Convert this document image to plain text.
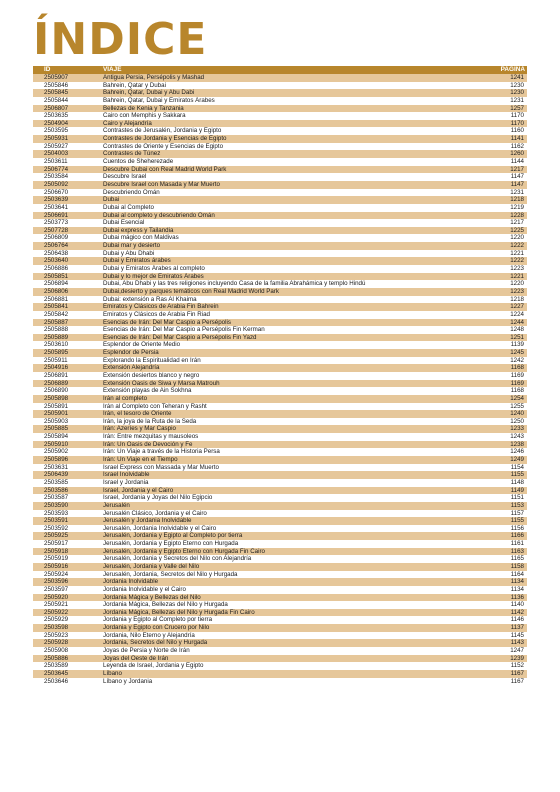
ÍNDICE
ID	VIAJE	PAGINA
2505907	Antigua Persia, Persépolis y Mashad	1241
2505846	Bahrein, Qatar y Dubai	1230
2505845	Bahrein, Qatar, Dubai y Abu Dabi	1230
2505844	Bahrein, Qatar, Dubai y Emiratos Árabes	1231
2506807	Bellezas de Kenia y Tanzania	1257
2503635	Cairo con Memphis y Sakkara	1170
2504904	Cairo y Alejandría	1170
2503595	Contrastes de Jerusalén, Jordania y Egipto	1160
2505931	Contrastes de Jordania y Esencias de Egipto	1141
2505927	Contrastes de Oriente y Esencias de Egipto	1162
2504003	Contrastes de Túnez	1260
2503611	Cuentos de Sheherezade	1144
2506774	Descubre Dubai con Real Madrid World Park	1217
2503584	Descubre Israel	1147
2505092	Descubre Israel con Masada y Mar Muerto	1147
2506670	Descubriendo Omán	1231
2503639	Dubai	1218
2503641	Dubai al Completo	1219
2506691	Dubai al completo y descubriendo Omán	1228
2503773	Dubai Esencial	1217
2507728	Dubai express y Tailandia	1225
2506809	Dubai mágico con Maldivas	1220
2506764	Dubai mar y desierto	1222
2506438	Dubai y Abu Dhabi	1221
2503640	Dubai y Emiratos árabes	1222
2506886	Dubai y Emiratos Árabes al completo	1223
2505851	Dubai y lo mejor de Emiratos Árabes	1221
2506894	Dubai, Abu Dhabi y las tres religiones incluyendo Casa de la familia Abrahámica y templo Hindú	1220
2506806	Dubai,desierto y parques temáticos con Real Madrid World Park	1223
2506881	Dubai: extensión a Ras Al Khaima	1218
2505841	Emiratos y Clásicos de Arabia Fin Bahrein	1227
2505842	Emiratos y Clásicos de Arabia Fin Riad	1224
2505887	Esencias de Irán: Del Mar Caspio a Persépolis	1244
2505888	Esencias de Irán: Del Mar Caspio a Persépolis Fin Kerman	1248
2505889	Esencias de Irán: Del Mar Caspio a Persépolis Fin Yazd	1251
2503610	Esplendor de Oriente Medio	1139
2505895	Esplendor de Persia	1245
2505911	Explorando la Espiritualidad en Irán	1242
2504916	Extensión Alejandría	1168
2506891	Extensión desiertos blanco y negro	1169
2506889	Extensión Oasis de Siwa y Marsa Matrouh	1169
2506890	Extensión playas de Ain Sokhna	1168
2505898	Irán al completo	1254
2505891	Irán al Completo con Teheran y Rasht	1255
2505901	Irán, el tesoro de Oriente	1240
2505903	Irán, la joya de la Ruta de la Seda	1250
2505885	Irán: Azeríes y Mar Caspio	1233
2505894	Irán: Entre mezquitas y mausoleos	1243
2505910	Irán: Un Oasis de Devoción y Fe	1238
2505902	Irán: Un Viaje a través de la Historia Persa	1246
2505896	Irán: Un Viaje en el Tiempo	1249
2503631	Israel Express con Massada y Mar Muerto	1154
2506439	Israel Inolvidable	1155
2503585	Israel y Jordania	1148
2503586	Israel, Jordania y el Cairo	1149
2503587	Israel, Jordania y Joyas del Nilo Egipcio	1151
2503590	Jerusalén	1153
2503593	Jerusalén Clásico, Jordania y el Cairo	1157
2503591	Jerusalén y Jordania Inolvidable	1155
2503592	Jerusalén, Jordania Inolvidable y el Cairo	1156
2505925	Jerusalén, Jordania y Egipto al Completo por tierra	1166
2505917	Jerusalén, Jordania y Egipto Eterno con Hurgada	1161
2505918	Jerusalén, Jordania y Egipto Eterno con Hurgada Fin Cairo	1163
2505919	Jerusalén, Jordania y Secretos del Nilo con Alejandría	1165
2505916	Jerusalén, Jordania y Valle del Nilo	1158
2505924	Jerusalén, Jordania, Secretos del Nilo y Hurgada	1164
2503596	Jordania Inolvidable	1134
2503597	Jordania Inolvidable y el Cairo	1134
2505920	Jordania Mágica y Bellezas del Nilo	1136
2505921	Jordania Mágica, Bellezas del Nilo y Hurgada	1140
2505922	Jordania Mágica, Bellezas del Nilo y Hurgada Fin Cairo	1142
2505929	Jordania y Egipto al Completo por tierra	1146
2503598	Jordania y Egipto con Crucero por Nilo	1137
2505923	Jordania, Nilo Eterno y Alejandría	1145
2505928	Jordania, Secretos del Nilo y Hurgada	1143
2505908	Joyas de Persia y Norte de Irán	1247
2505886	Joyas del Oeste de Irán	1239
2503589	Leyenda de Israel, Jordania y Egipto	1152
2503645	Líbano	1167
2503646	Líbano y Jordania	1167
